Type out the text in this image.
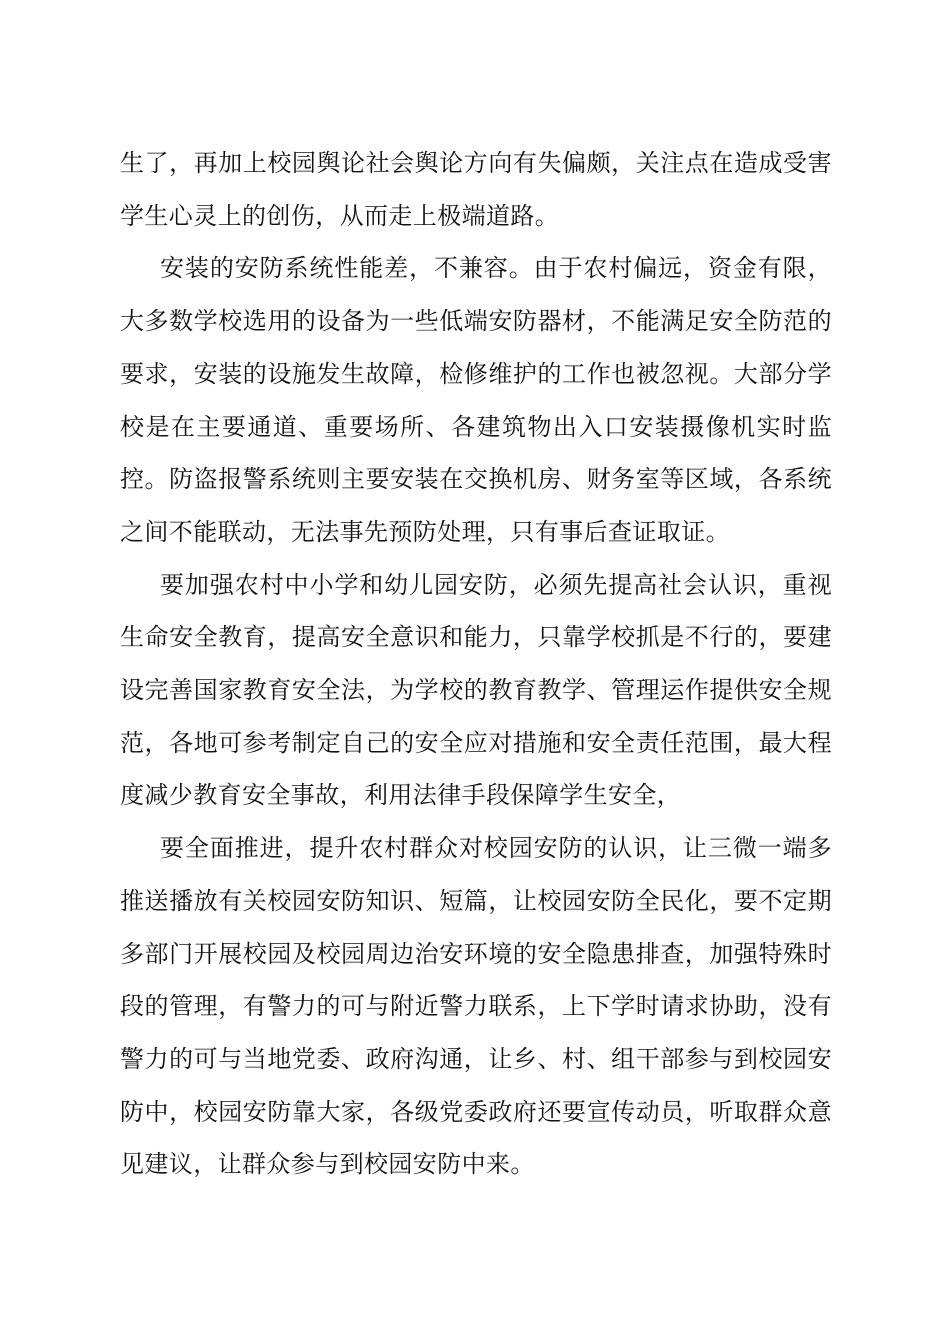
生了，再加上校园舆论社会舆论方向有失偏颇，关注点在造成受害学生心灵上的创伤，从而走上极端道路。

安装的安防系统性能差，不兼容。由于农村偏远，资金有限，大多数学校选用的设备为一些低端安防器材，不能满足安全防范的要求，安装的设施发生故障，检修维护的工作也被忽视。大部分学校是在主要通道、重要场所、各建筑物出入口安装摄像机实时监控。防盗报警系统则主要安装在交换机房、财务室等区域，各系统之间不能联动，无法事先预防处理，只有事后查证取证。

要加强农村中小学和幼儿园安防，必须先提高社会认识，重视生命安全教育，提高安全意识和能力，只靠学校抓是不行的，要建设完善国家教育安全法，为学校的教育教学、管理运作提供安全规范，各地可参考制定自己的安全应对措施和安全责任范围，最大程度减少教育安全事故，利用法律手段保障学生安全，

要全面推进，提升农村群众对校园安防的认识，让三微一端多推送播放有关校园安防知识、短篇，让校园安防全民化，要不定期多部门开展校园及校园周边治安环境的安全隐患排查，加强特殊时段的管理，有警力的可与附近警力联系，上下学时请求协助，没有警力的可与当地党委、政府沟通，让乡、村、组干部参与到校园安防中，校园安防靠大家，各级党委政府还要宣传动员，听取群众意见建议，让群众参与到校园安防中来。
